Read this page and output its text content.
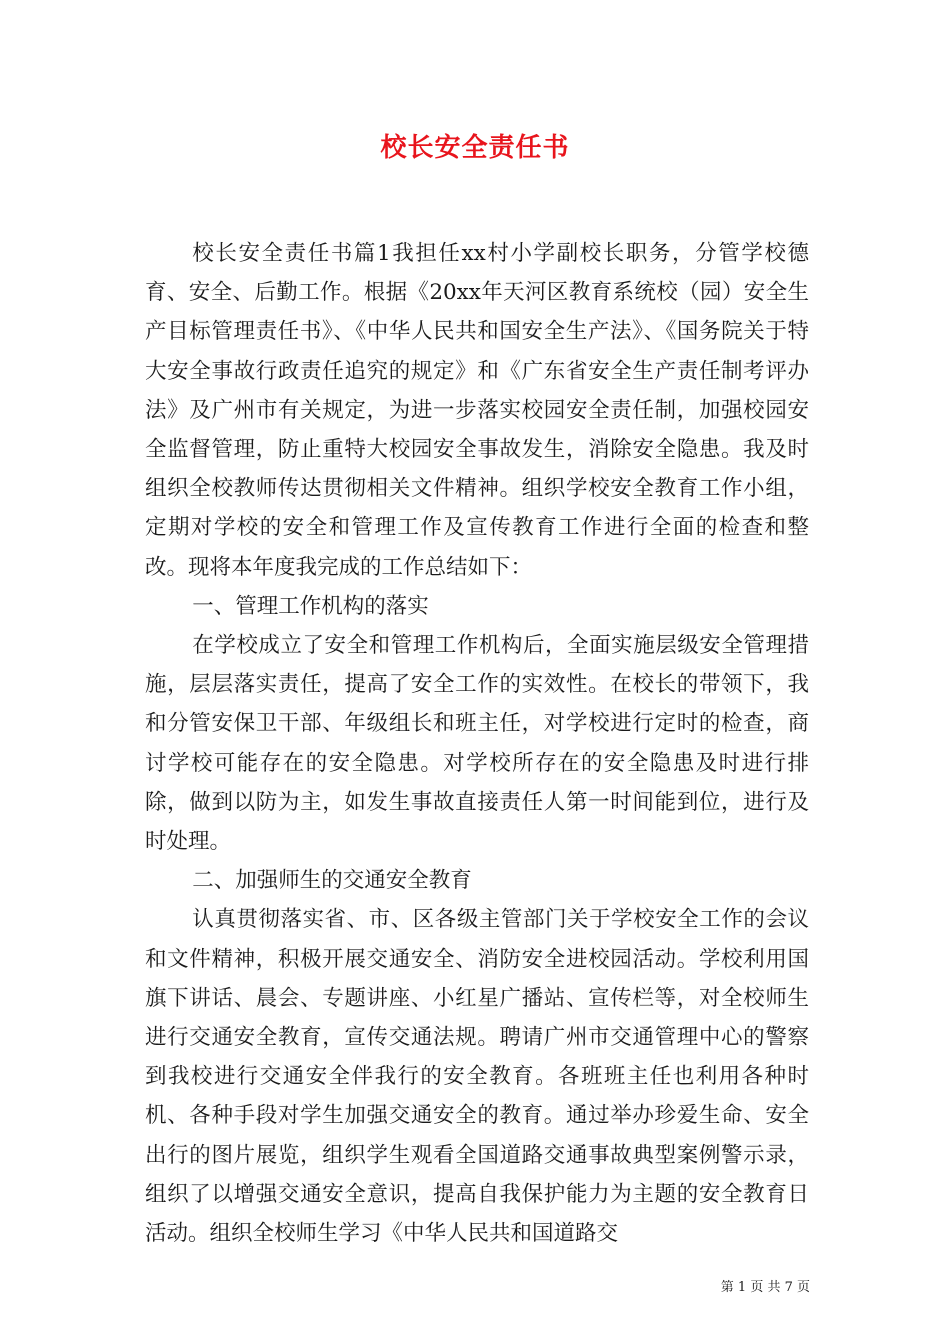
校长安全责任书

校长安全责任书篇1我担任xx村小学副校长职务，分管学校德育、安全、后勤工作。根据《20xx年天河区教育系统校（园）安全生产目标管理责任书》、《中华人民共和国安全生产法》、《国务院关于特大安全事故行政责任追究的规定》和《广东省安全生产责任制考评办法》及广州市有关规定，为进一步落实校园安全责任制，加强校园安全监督管理，防止重特大校园安全事故发生，消除安全隐患。我及时组织全校教师传达贯彻相关文件精神。组织学校安全教育工作小组，定期对学校的安全和管理工作及宣传教育工作进行全面的检查和整改。现将本年度我完成的工作总结如下：

一、管理工作机构的落实

在学校成立了安全和管理工作机构后，全面实施层级安全管理措施，层层落实责任，提高了安全工作的实效性。在校长的带领下，我和分管安保卫干部、年级组长和班主任，对学校进行定时的检查，商讨学校可能存在的安全隐患。对学校所存在的安全隐患及时进行排除，做到以防为主，如发生事故直接责任人第一时间能到位，进行及时处理。

二、加强师生的交通安全教育

认真贯彻落实省、市、区各级主管部门关于学校安全工作的会议和文件精神，积极开展交通安全、消防安全进校园活动。学校利用国旗下讲话、晨会、专题讲座、小红星广播站、宣传栏等，对全校师生进行交通安全教育，宣传交通法规。聘请广州市交通管理中心的警察到我校进行交通安全伴我行的安全教育。各班班主任也利用各种时机、各种手段对学生加强交通安全的教育。通过举办珍爱生命、安全出行的图片展览，组织学生观看全国道路交通事故典型案例警示录，组织了以增强交通安全意识，提高自我保护能力为主题的安全教育日活动。组织全校师生学习《中华人民共和国道路交

第 1 页 共 7 页
